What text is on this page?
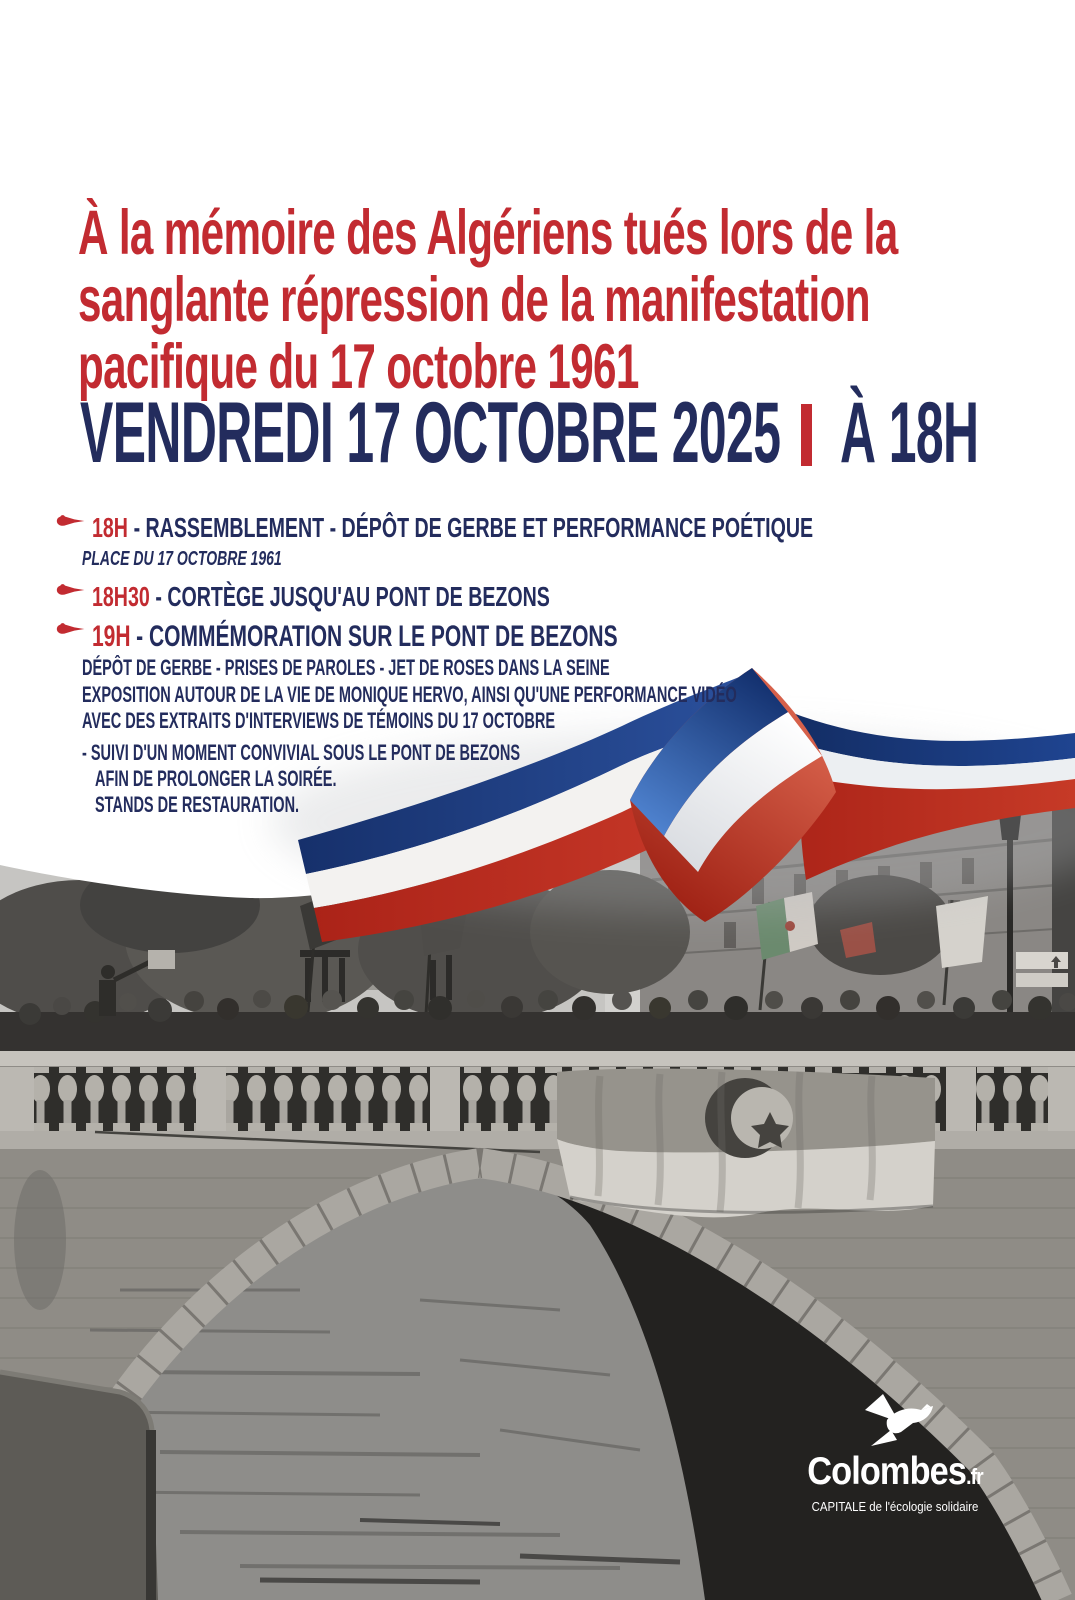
À la mémoire des Algériens tués lors de la
sanglante répression de la manifestation
pacifique du 17 octobre 1961
VENDREDI 17 OCTOBRE 2025 À 18H
18H - RASSEMBLEMENT - DÉPÔT DE GERBE ET PERFORMANCE POÉTIQUE
PLACE DU 17 OCTOBRE 1961
18H30 - CORTÈGE JUSQU'AU PONT DE BEZONS
19H - COMMÉMORATION SUR LE PONT DE BEZONS
DÉPÔT DE GERBE - PRISES DE PAROLES - JET DE ROSES DANS LA SEINE
EXPOSITION AUTOUR DE LA VIE DE MONIQUE HERVO, AINSI QU'UNE PERFORMANCE VIDÉO
AVEC DES EXTRAITS D'INTERVIEWS DE TÉMOINS DU 17 OCTOBRE
- SUIVI D'UN MOMENT CONVIVIAL SOUS LE PONT DE BEZONS
AFIN DE PROLONGER LA SOIRÉE.
STANDS DE RESTAURATION.
Colombes.fr
CAPITALE de l'écologie solidaire
